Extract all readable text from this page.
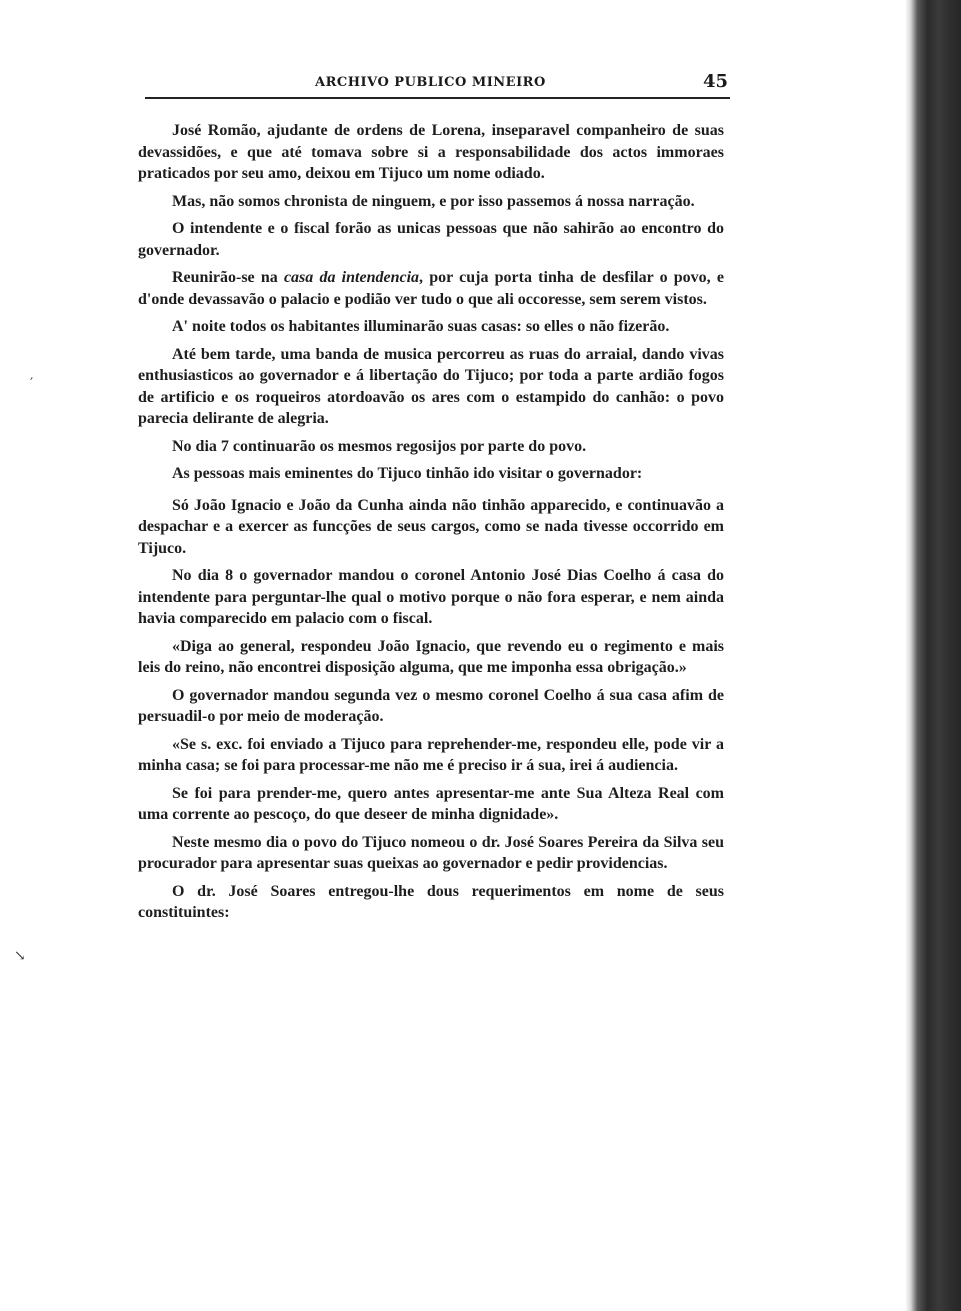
ARCHIVO PUBLICO MINEIRO	45
′
↘

José Romão, ajudante de ordens de Lorena, inseparavel companheiro de suas devassidões, e que até tomava sobre si a responsabilidade dos actos immoraes praticados por seu amo, deixou em Tijuco um nome odiado.

Mas, não somos chronista de ninguem, e por isso passemos á nossa narração.

O intendente e o fiscal forão as unicas pessoas que não sahirão ao encontro do governador.

Reunirão-se na casa da intendencia, por cuja porta tinha de desfilar o povo, e d'onde devassavão o palacio e podião ver tudo o que ali occoresse, sem serem vistos.

A' noite todos os habitantes illuminarão suas casas: so elles o não fizerão.

Até bem tarde, uma banda de musica percorreu as ruas do arraial, dando vivas enthusiasticos ao governador e á libertação do Tijuco; por toda a parte ardião fogos de artificio e os roqueiros atordoavão os ares com o estampido do canhão: o povo parecia delirante de alegria.

No dia 7 continuarão os mesmos regosijos por parte do povo.

As pessoas mais eminentes do Tijuco tinhão ido visitar o governador:

Só João Ignacio e João da Cunha ainda não tinhão apparecido, e continuavão a despachar e a exercer as funcções de seus cargos, como se nada tivesse occorrido em Tijuco.

No dia 8 o governador mandou o coronel Antonio José Dias Coelho á casa do intendente para perguntar-lhe qual o motivo porque o não fora esperar, e nem ainda havia comparecido em palacio com o fiscal.

«Diga ao general, respondeu João Ignacio, que revendo eu o regimento e mais leis do reino, não encontrei disposição alguma, que me imponha essa obrigação.»

O governador mandou segunda vez o mesmo coronel Coelho á sua casa afim de persuadil-o por meio de moderação.

«Se s. exc. foi enviado a Tijuco para reprehender-me, respondeu elle, pode vir a minha casa; se foi para processar-me não me é preciso ir á sua, irei á audiencia.

Se foi para prender-me, quero antes apresentar-me ante Sua Alteza Real com uma corrente ao pescoço, do que deseer de minha dignidade».

Neste mesmo dia o povo do Tijuco nomeou o dr. José Soares Pereira da Silva seu procurador para apresentar suas queixas ao governador e pedir providencias.

O dr. José Soares entregou-lhe dous requerimentos em nome de seus constituintes:
